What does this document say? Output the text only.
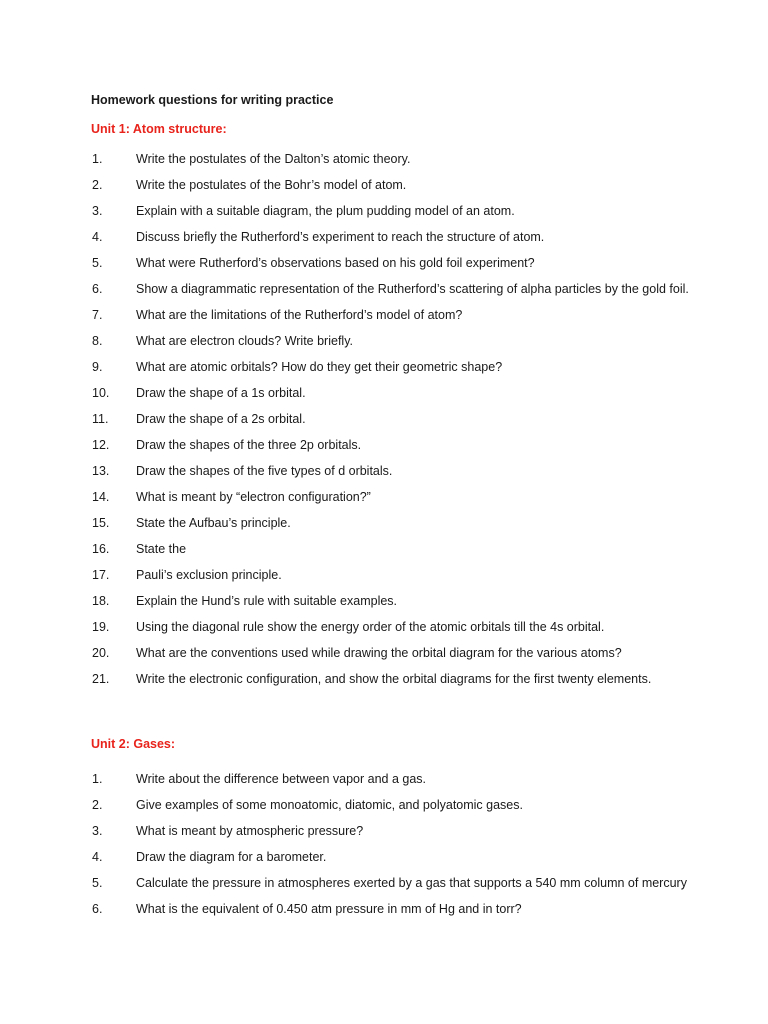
Homework questions for writing practice

Unit 1: Atom structure:

1.	Write the postulates of the Dalton’s atomic theory.
2.	Write the postulates of the Bohr’s model of atom.
3.	Explain with a suitable diagram, the plum pudding model of an atom.
4.	Discuss briefly the Rutherford’s experiment to reach the structure of atom.
5.	What were Rutherford’s observations based on his gold foil experiment?
6.	Show a diagrammatic representation of the Rutherford’s scattering of alpha particles by the gold foil.
7.	What are the limitations of the Rutherford’s model of atom?
8.	What are electron clouds? Write briefly.
9.	What are atomic orbitals? How do they get their geometric shape?
10.	Draw the shape of a 1s orbital.
11.	Draw the shape of a 2s orbital.
12.	Draw the shapes of the three 2p orbitals.
13.	Draw the shapes of the five types of d orbitals.
14.	What is meant by “electron configuration?”
15.	State the Aufbau’s principle.
16.	State the
17.	Pauli’s exclusion principle.
18.	Explain the Hund’s rule with suitable examples.
19.	Using the diagonal rule show the energy order of the atomic orbitals till the 4s orbital.
20.	What are the conventions used while drawing the orbital diagram for the various atoms?
21.	Write the electronic configuration, and show the orbital diagrams for the first twenty elements.

Unit 2: Gases:

1.	Write about the difference between vapor and a gas.
2.	Give examples of some monoatomic, diatomic, and polyatomic gases.
3.	What is meant by atmospheric pressure?
4.	Draw the diagram for a barometer.
5.	Calculate the pressure in atmospheres exerted by a gas that supports a 540 mm column of mercury
6.	What is the equivalent of 0.450 atm pressure in mm of Hg and in torr?
